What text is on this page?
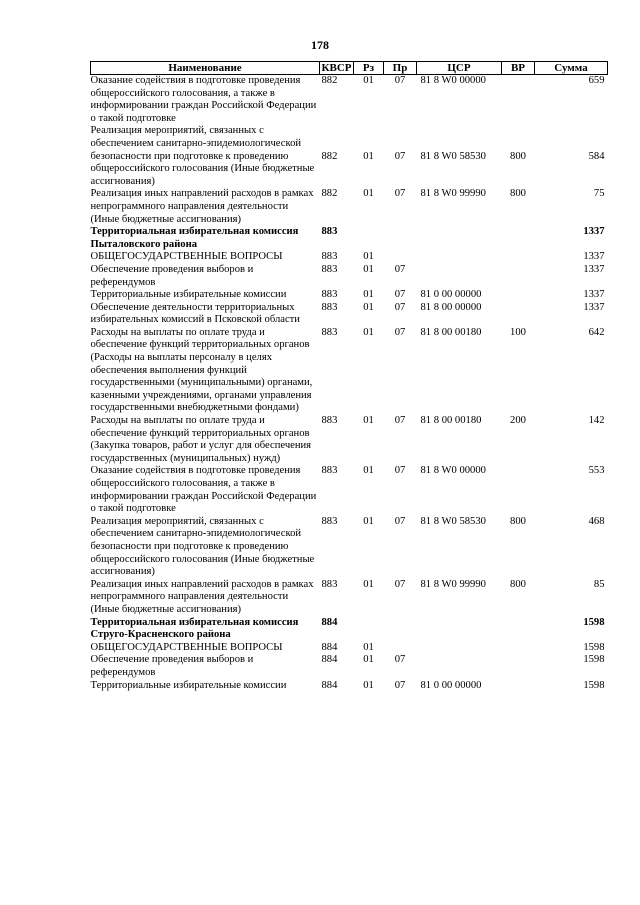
178
Наименование	КВСР	Рз	Пр	ЦСР	ВР	Сумма
Оказание содействия в подготовке проведения общероссийского голосования, а также в информировании граждан Российской Федерации о такой подготовке	882	01	07	81 8 W0 00000		659
Реализация мероприятий, связанных с обеспечением санитарно-эпидемиологической безопасности при подготовке к проведению общероссийского голосования (Иные бюджетные ассигнования)	882	01	07	81 8 W0 58530	800	584
Реализация иных направлений расходов в рамках непрограммного направления деятельности (Иные бюджетные ассигнования)	882	01	07	81 8 W0 99990	800	75
Территориальная избирательная комиссия Пыталовского района	883					1337
ОБЩЕГОСУДАРСТВЕННЫЕ ВОПРОСЫ	883	01				1337
Обеспечение проведения выборов и референдумов	883	01	07			1337
Территориальные избирательные комиссии	883	01	07	81 0 00 00000		1337
Обеспечение деятельности территориальных избирательных комиссий в Псковской области	883	01	07	81 8 00 00000		1337
Расходы на выплаты по оплате труда и обеспечение функций территориальных органов (Расходы на выплаты персоналу в целях обеспечения выполнения функций государственными (муниципальными) органами, казенными учреждениями, органами управления государственными внебюджетными фондами)	883	01	07	81 8 00 00180	100	642
Расходы на выплаты по оплате труда и обеспечение функций территориальных органов (Закупка товаров, работ и услуг для обеспечения государственных (муниципальных) нужд)	883	01	07	81 8 00 00180	200	142
Оказание содействия в подготовке проведения общероссийского голосования, а также в информировании граждан Российской Федерации о такой подготовке	883	01	07	81 8 W0 00000		553
Реализация мероприятий, связанных с обеспечением санитарно-эпидемиологической безопасности при подготовке к проведению общероссийского голосования (Иные бюджетные ассигнования)	883	01	07	81 8 W0 58530	800	468
Реализация иных направлений расходов в рамках непрограммного направления деятельности (Иные бюджетные ассигнования)	883	01	07	81 8 W0 99990	800	85
Территориальная избирательная комиссия Струго-Красненского района	884					1598
ОБЩЕГОСУДАРСТВЕННЫЕ ВОПРОСЫ	884	01				1598
Обеспечение проведения выборов и референдумов	884	01	07			1598
Территориальные избирательные комиссии	884	01	07	81 0 00 00000		1598
